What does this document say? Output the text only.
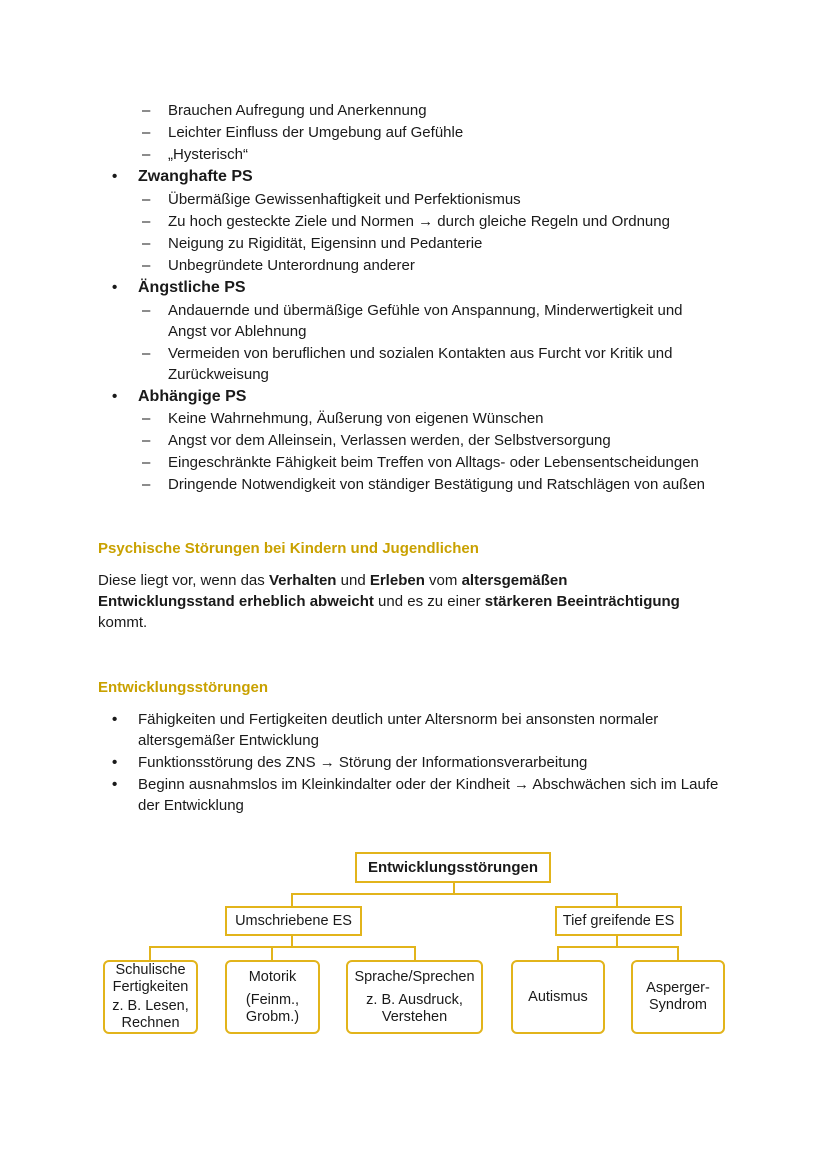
– Brauchen Aufregung und Anerkennung
– Leichter Einfluss der Umgebung auf Gefühle
– „Hysterisch“
• Zwanghafte PS
– Übermäßige Gewissenhaftigkeit und Perfektionismus
– Zu hoch gesteckte Ziele und Normen → durch gleiche Regeln und Ordnung
– Neigung zu Rigidität, Eigensinn und Pedanterie
– Unbegründete Unterordnung anderer
• Ängstliche PS
– Andauernde und übermäßige Gefühle von Anspannung, Minderwertigkeit und
Angst vor Ablehnung
– Vermeiden von beruflichen und sozialen Kontakten aus Furcht vor Kritik und
Zurückweisung
• Abhängige PS
– Keine Wahrnehmung, Äußerung von eigenen Wünschen
– Angst vor dem Alleinsein, Verlassen werden, der Selbstversorgung
– Eingeschränkte Fähigkeit beim Treffen von Alltags- oder Lebensentscheidungen
– Dringende Notwendigkeit von ständiger Bestätigung und Ratschlägen von außen
Psychische Störungen bei Kindern und Jugendlichen
Diese liegt vor, wenn das Verhalten und Erleben vom altersgemäßen
Entwicklungsstand erheblich abweicht und es zu einer stärkeren Beeinträchtigung
kommt.
Entwicklungsstörungen
• Fähigkeiten und Fertigkeiten deutlich unter Altersnorm bei ansonsten normaler
altersgemäßer Entwicklung
• Funktionsstörung des ZNS → Störung der Informationsverarbeitung
• Beginn ausnahmslos im Kleinkindalter oder der Kindheit → Abschwächen sich im Laufe
der Entwicklung
Entwicklungsstörungen
Umschriebene ES	Tief greifende ES
Schulische
Fertigkeiten
z. B. Lesen,
Rechnen
Motorik
(Feinm.,
Grobm.)
Sprache/Sprechen
z. B. Ausdruck,
Verstehen
Autismus
Asperger-
Syndrom
